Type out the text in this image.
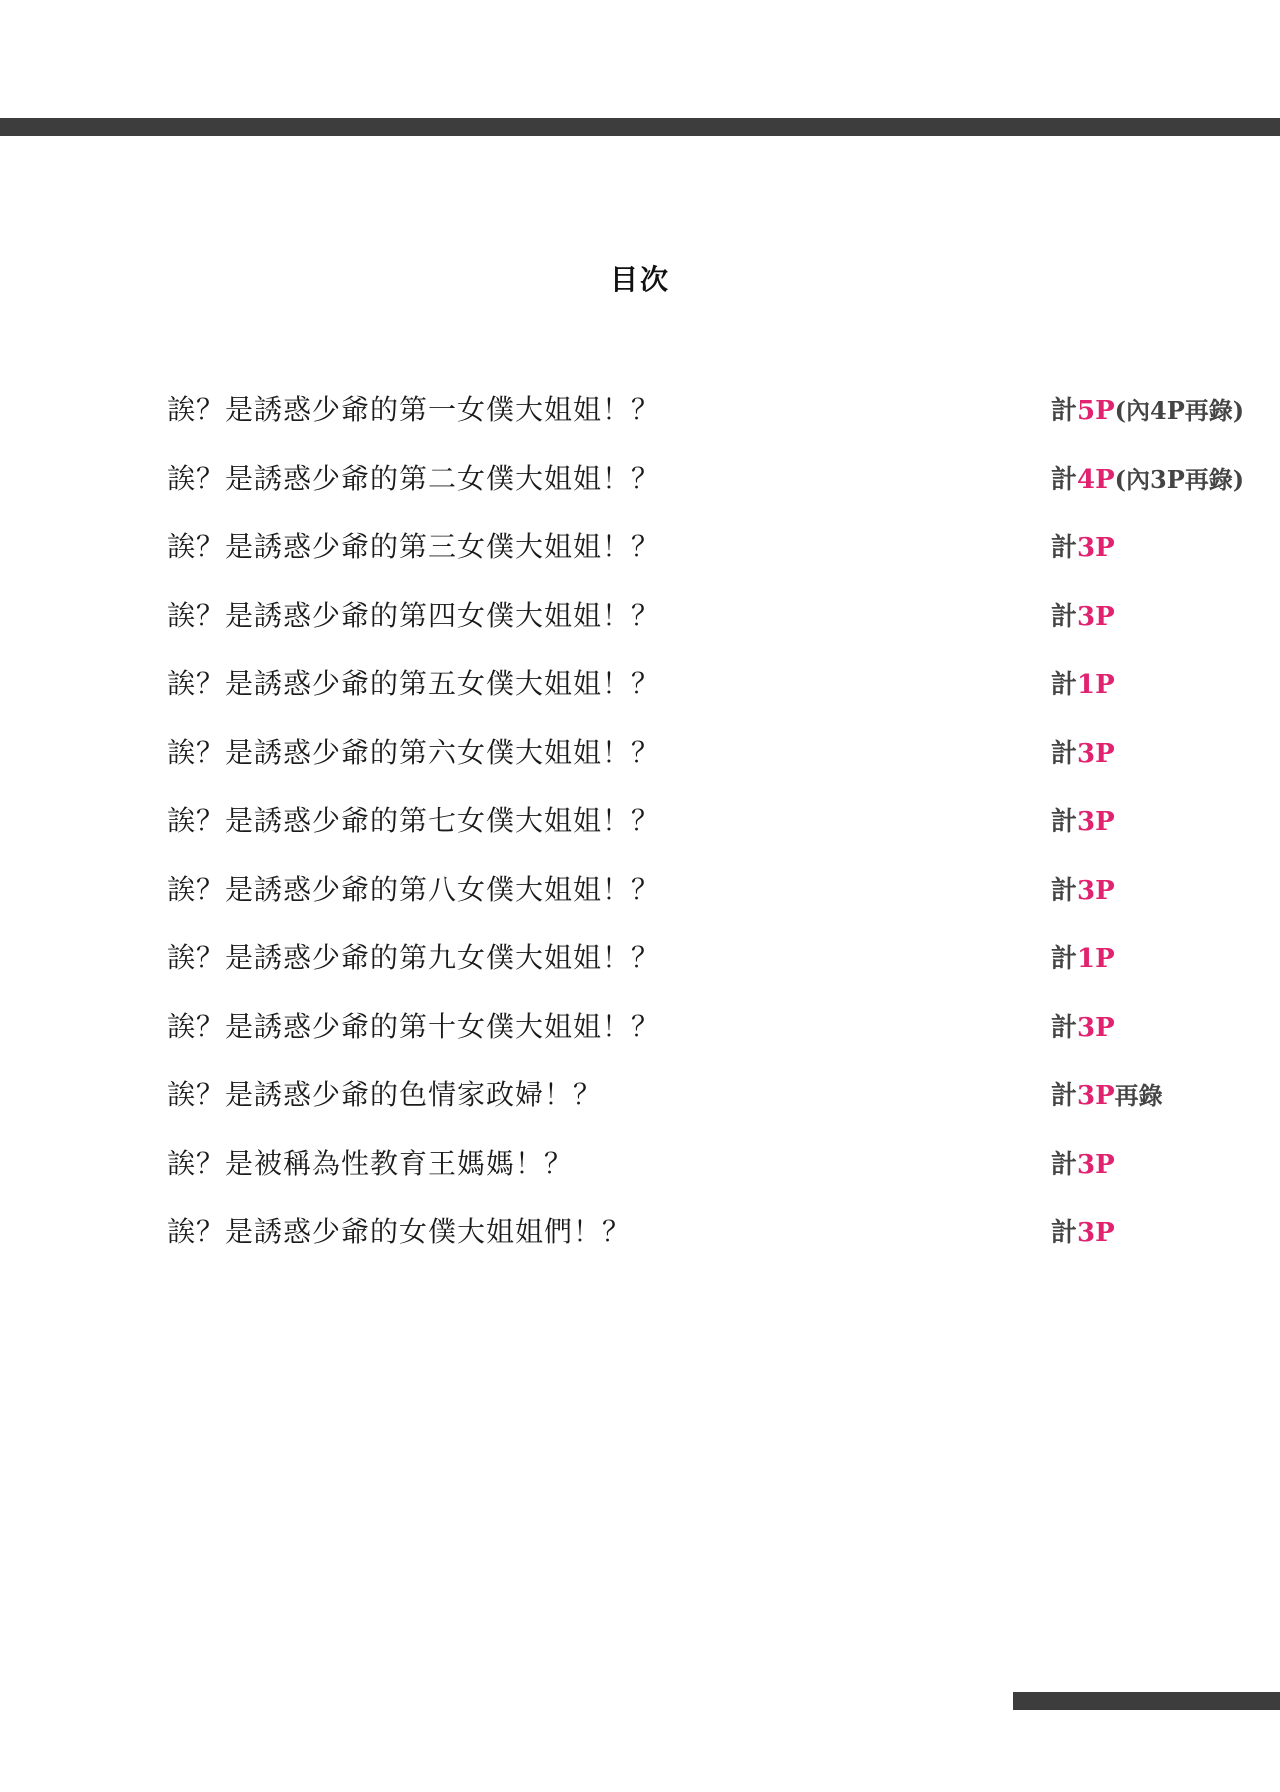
目次
誒？是誘惑少爺的第一女僕大姐姐！？	計5P(內4P再錄)
誒？是誘惑少爺的第二女僕大姐姐！？	計4P(內3P再錄)
誒？是誘惑少爺的第三女僕大姐姐！？	計3P
誒？是誘惑少爺的第四女僕大姐姐！？	計3P
誒？是誘惑少爺的第五女僕大姐姐！？	計1P
誒？是誘惑少爺的第六女僕大姐姐！？	計3P
誒？是誘惑少爺的第七女僕大姐姐！？	計3P
誒？是誘惑少爺的第八女僕大姐姐！？	計3P
誒？是誘惑少爺的第九女僕大姐姐！？	計1P
誒？是誘惑少爺的第十女僕大姐姐！？	計3P
誒？是誘惑少爺的色情家政婦！？	計3P再錄
誒？是被稱為性教育王媽媽！？	計3P
誒？是誘惑少爺的女僕大姐姐們！？	計3P
